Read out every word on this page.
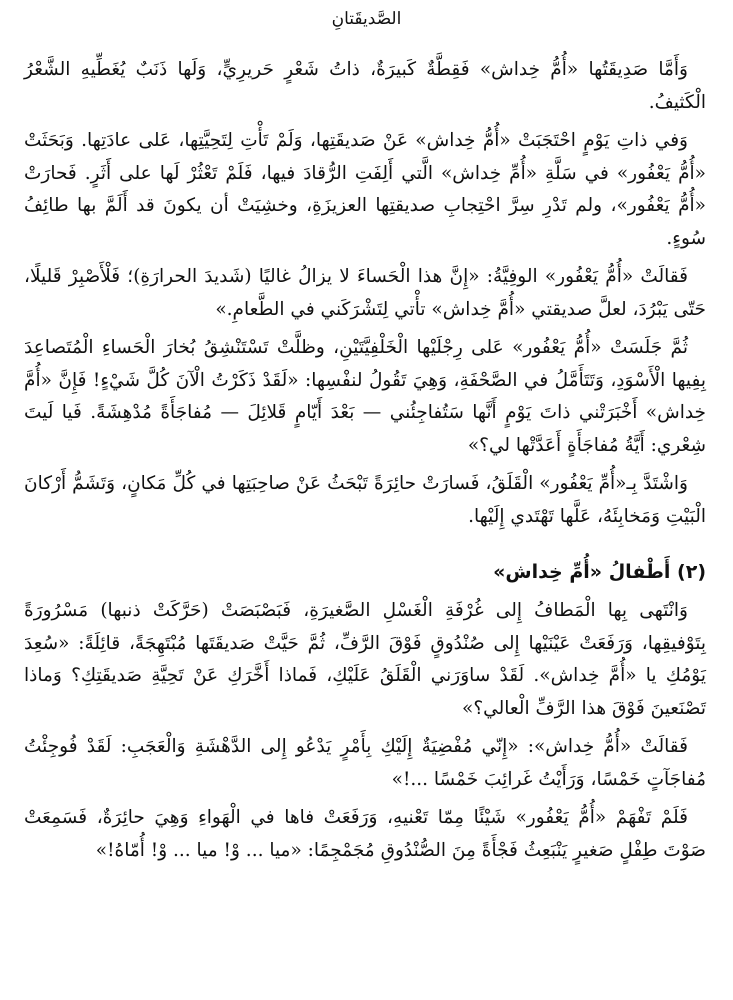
الصَّديقَتانِ

وَأَمَّا صَدِيقَتُها «أُمُّ خِداش» فَقِطَّةٌ كَبيرَةٌ، ذاتُ شَعْرٍ حَريرِيٍّ، وَلَها ذَنَبٌ يُغَطِّيهِ الشَّعْرُ الْكَثيفُ.

وَفي ذاتِ يَوْمٍ احْتَجَبَتْ «أُمُّ خِداش» عَنْ صَديقَتِها، وَلَمْ تَأْتِ لِتَحِيَّتِها، عَلى عادَتِها. وَبَحَثَتْ «أُمُّ يَعْفُور» في سَلَّةِ «أُمِّ خِداش» الَّتي أَلِفَتِ الرُّقادَ فيها، فَلَمْ تَعْثُرْ لَها على أَثَرٍ. فَحارَتْ «أُمُّ يَعْفُور»، ولم تَدْرِ سِرَّ احْتِجابِ صديقتِها العزيزَةِ، وخشِيَتْ أن يكونَ قد أَلَمَّ بها طائِفُ سُوءٍ.

فَقالَتْ «أُمُّ يَعْفُور» الوفِيَّةُ: «إِنَّ هذا الْحَساءَ لا يزالُ غاليًا (شَديدَ الحرارَةِ)؛ فَلْأَصْبِرْ قَليلًا، حَتّى يَبْرُدَ، لعلَّ صديقتي «أُمَّ خِداش» تأْتي لِتَشْرَكَني في الطَّعامِ.»

ثُمَّ جَلَسَتْ «أُمُّ يَعْفُور» عَلى رِجْلَيْها الْخَلْفِيَّتَيْنِ، وظلَّتْ تَسْتَنْشِقُ بُخارَ الْحَساءِ الْمُتَصاعِدَ بِفِيها الْأَسْوَدِ، وَتَتَأَمَّلُ في الصَّحْفَةِ، وَهِيَ تَقُولُ لنفْسِها: «لَقَدْ ذَكَرْتُ الْآنَ كُلَّ شَيْءٍ! فَإِنَّ «أُمَّ خِداش» أَخْبَرَتْني ذاتَ يَوْمٍ أَنَّها سَتُفاجِئُني — بَعْدَ أَيّامٍ قَلائِلَ — مُفاجَأَةً مُدْهِشَةً. فَيا لَيتَ شِعْري: أَيَّةُ مُفاجَأَةٍ أَعَدَّتْها لي؟»

وَاشْتَدَّ بِـ«أُمِّ يَعْفُور» الْقَلَقُ، فَسارَتْ حائِرَةً تَبْحَثُ عَنْ صاحِبَتِها في كُلِّ مَكانٍ، وَتَشَمُّ أَرْكانَ الْبَيْتِ وَمَخابِئَهُ، عَلَّها تَهْتَدي إِلَيْها.

(٢) أَطْفالُ «أُمِّ خِداش»

وَانْتَهى بِها الْمَطافُ إِلى غُرْفَةِ الْغَسْلِ الصَّغيرَةِ، فَبَصْبَصَتْ (حَرَّكَتْ ذنبها) مَسْرُورَةً بِتَوْفيقِها، وَرَفَعَتْ عَيْنَيْها إِلى صُنْدُوقٍ فَوْقَ الرَّفِّ، ثُمَّ حَيَّتْ صَديقَتَها مُبْتَهِجَةً، قائِلَةً: «سُعِدَ يَوْمُكِ يا «أُمَّ خِداش». لَقَدْ ساوَرَني الْقَلَقُ عَلَيْكِ، فَماذا أَخَّرَكِ عَنْ تَحِيَّةِ صَديقَتِكِ؟ وَماذا تَصْنَعينَ فَوْقَ هذا الرَّفِّ الْعالي؟»

فَقالَتْ «أُمُّ خِداش»: «إِنّي مُفْضِيَةٌ إِلَيْكِ بِأَمْرٍ يَدْعُو إِلى الدَّهْشَةِ وَالْعَجَبِ: لَقَدْ فُوجِئْتُ مُفاجَآتٍ خَمْسًا، وَرَأَيْتُ غَرائِبَ خَمْسًا ...!»

فَلَمْ تَفْهَمْ «أُمُّ يَعْفُور» شَيْئًا مِمّا تَعْنيهِ، وَرَفَعَتْ فاها في الْهَواءِ وَهِيَ حائِرَةٌ، فَسَمِعَتْ صَوْتَ طِفْلٍ صَغيرٍ يَنْبَعِثُ فَجْأَةً مِنَ الصُّنْدُوقِ مُجَمْجِمًا: «ميا ... وْ! ميا ... وْ! أُمّاهُ!»
